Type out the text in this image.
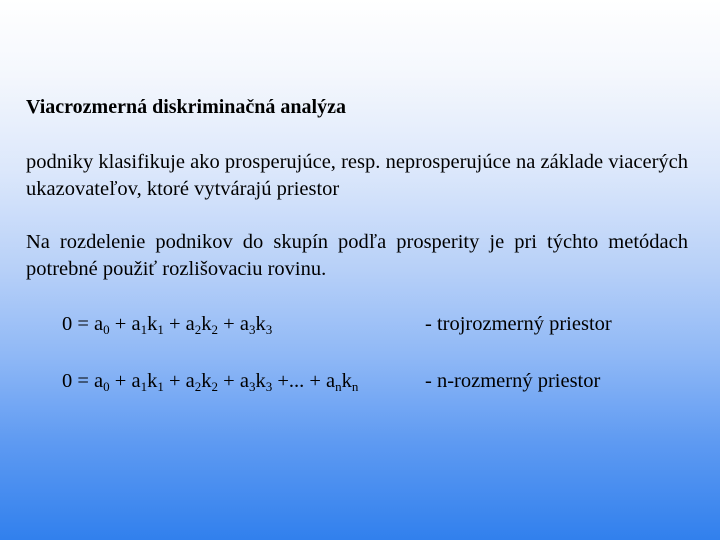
Viacrozmerná diskriminačná analýza
podniky klasifikuje ako prosperujúce, resp. neprosperujúce na základe viacerých ukazovateľov, ktoré vytvárajú priestor
Na rozdelenie podnikov do skupín podľa prosperity je pri týchto metódach potrebné použiť rozlišovaciu rovinu.
$0 = a_0 + a_1k_1 + a_2k_2 + a_3k_3$	- trojrozmerný priestor
$0 = a_0 + a_1k_1 + a_2k_2 + a_3k_3$ +... + $a_nk_n$	- n-rozmerný priestor
